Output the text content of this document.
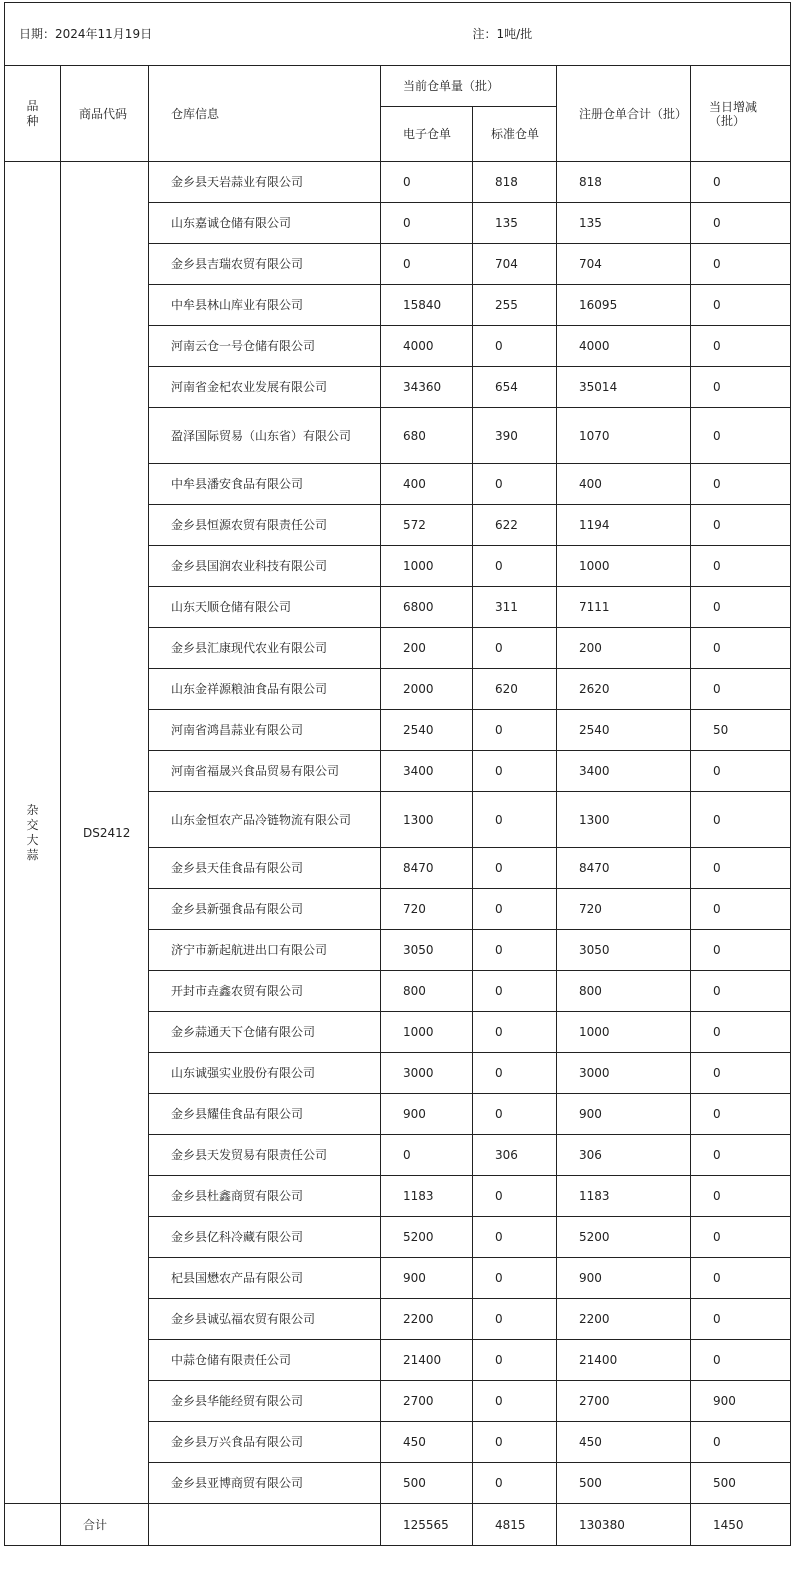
日期：2024年11月19日				注：1吨/批		

品种	商品代码	仓库信息	当前仓单量（批）		注册仓单合计（批）	当日增减（批）
			电子仓单	标准仓单		

杂交大蒜	DS2412	金乡县天岩蒜业有限公司	0	818	818	0
		山东嘉诚仓储有限公司	0	135	135	0
		金乡县吉瑞农贸有限公司	0	704	704	0
		中牟县林山库业有限公司	15840	255	16095	0
		河南云仓一号仓储有限公司	4000	0	4000	0
		河南省金杞农业发展有限公司	34360	654	35014	0
		盈泽国际贸易（山东省）有限公司	680	390	1070	0
		中牟县潘安食品有限公司	400	0	400	0
		金乡县恒源农贸有限责任公司	572	622	1194	0
		金乡县国润农业科技有限公司	1000	0	1000	0
		山东天顺仓储有限公司	6800	311	7111	0
		金乡县汇康现代农业有限公司	200	0	200	0
		山东金祥源粮油食品有限公司	2000	620	2620	0
		河南省鸿昌蒜业有限公司	2540	0	2540	50
		河南省福晟兴食品贸易有限公司	3400	0	3400	0
		山东金恒农产品冷链物流有限公司	1300	0	1300	0
		金乡县天佳食品有限公司	8470	0	8470	0
		金乡县新强食品有限公司	720	0	720	0
		济宁市新起航进出口有限公司	3050	0	3050	0
		开封市垚鑫农贸有限公司	800	0	800	0
		金乡蒜通天下仓储有限公司	1000	0	1000	0
		山东诚强实业股份有限公司	3000	0	3000	0
		金乡县耀佳食品有限公司	900	0	900	0
		金乡县天发贸易有限责任公司	0	306	306	0
		金乡县杜鑫商贸有限公司	1183	0	1183	0
		金乡县亿科冷藏有限公司	5200	0	5200	0
		杞县国懋农产品有限公司	900	0	900	0
		金乡县诚弘福农贸有限公司	2200	0	2200	0
		中蒜仓储有限责任公司	21400	0	21400	0
		金乡县华能经贸有限公司	2700	0	2700	900
		金乡县万兴食品有限公司	450	0	450	0
		金乡县亚博商贸有限公司	500	0	500	500
	合计		125565	4815	130380	1450
